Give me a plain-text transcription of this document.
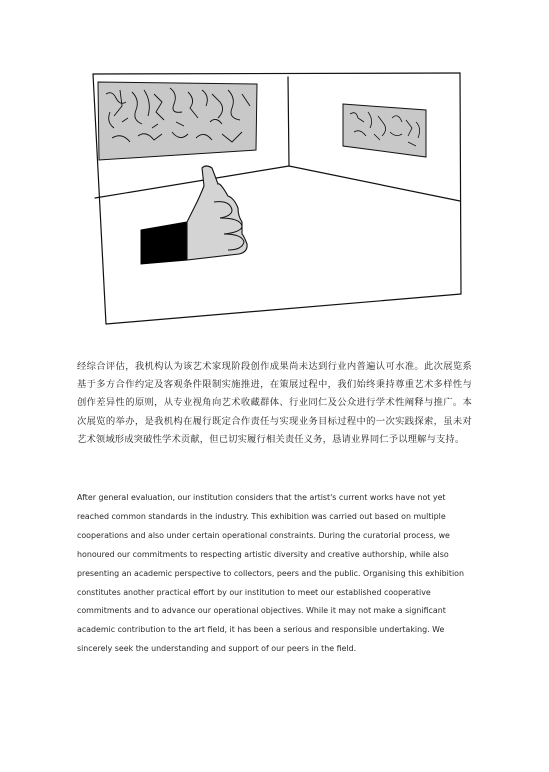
经综合评估，我机构认为该艺术家现阶段创作成果尚未达到行业内普遍认可水准。此次展览系基于多方合作约定及客观条件限制实施推进，在策展过程中，我们始终秉持尊重艺术多样性与创作差异性的原则，从专业视角向艺术收藏群体、行业同仁及公众进行学术性阐释与推广。本次展览的举办，是我机构在履行既定合作责任与实现业务目标过程中的一次实践探索，虽未对艺术领域形成突破性学术贡献，但已切实履行相关责任义务，恳请业界同仁予以理解与支持。

After general evaluation, our institution considers that the artist's current works have not yet reached common standards in the industry. This exhibition was carried out based on multiple cooperations and also under certain operational constraints. During the curatorial process, we honoured our commitments to respecting artistic diversity and creative authorship, while also presenting an academic perspective to collectors, peers and the public. Organising this exhibition constitutes another practical effort by our institution to meet our established cooperative commitments and to advance our operational objectives. While it may not make a significant academic contribution to the art field, it has been a serious and responsible undertaking. We sincerely seek the understanding and support of our peers in the field.
